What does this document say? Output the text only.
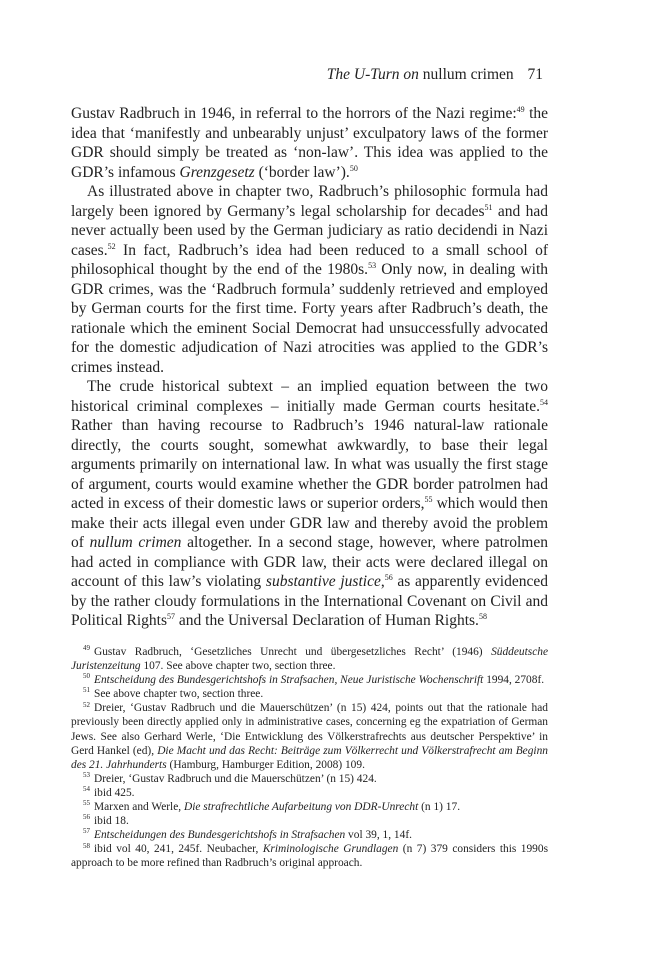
The U-Turn on nullum crimen 71

Gustav Radbruch in 1946, in referral to the horrors of the Nazi regime:$^{49}$ the idea that ‘manifestly and unbearably unjust’ exculpatory laws of the former GDR should simply be treated as ‘non-law’. This idea was applied to the GDR’s infamous Grenzgesetz (‘border law’).$^{50}$

As illustrated above in chapter two, Radbruch’s philosophic formula had largely been ignored by Germany’s legal scholarship for decades$^{51}$ and had never actually been used by the German judiciary as ratio decidendi in Nazi cases.$^{52}$ In fact, Radbruch’s idea had been reduced to a small school of philosophical thought by the end of the 1980s.$^{53}$ Only now, in dealing with GDR crimes, was the ‘Radbruch formula’ suddenly retrieved and employed by German courts for the first time. Forty years after Radbruch’s death, the rationale which the eminent Social Democrat had unsuccessfully advocated for the domestic adjudication of Nazi atrocities was applied to the GDR’s crimes instead.

The crude historical subtext – an implied equation between the two historical criminal complexes – initially made German courts hesitate.$^{54}$ Rather than having recourse to Radbruch’s 1946 natural-law rationale directly, the courts sought, somewhat awkwardly, to base their legal arguments primarily on international law. In what was usually the first stage of argument, courts would examine whether the GDR border patrolmen had acted in excess of their domestic laws or superior orders,$^{55}$ which would then make their acts illegal even under GDR law and thereby avoid the problem of nullum crimen altogether. In a second stage, however, where patrolmen had acted in compliance with GDR law, their acts were declared illegal on account of this law’s violating substantive justice,$^{56}$ as apparently evidenced by the rather cloudy formulations in the International Covenant on Civil and Political Rights$^{57}$ and the Universal Declaration of Human Rights.$^{58}$

$^{49}$ Gustav Radbruch, ‘Gesetzliches Unrecht und übergesetzliches Recht’ (1946) Süddeutsche Juristenzeitung 107. See above chapter two, section three.

$^{50}$ Entscheidung des Bundesgerichtshofs in Strafsachen, Neue Juristische Wochenschrift 1994, 2708f.

$^{51}$ See above chapter two, section three.

$^{52}$ Dreier, ‘Gustav Radbruch und die Mauerschützen’ (n 15) 424, points out that the rationale had previously been directly applied only in administrative cases, concerning eg the expatriation of German Jews. See also Gerhard Werle, ‘Die Entwicklung des Völkerstrafrechts aus deutscher Perspektive’ in Gerd Hankel (ed), Die Macht und das Recht: Beiträge zum Völkerrecht und Völkerstrafrecht am Beginn des 21. Jahrhunderts (Hamburg, Hamburger Edition, 2008) 109.

$^{53}$ Dreier, ‘Gustav Radbruch und die Mauerschützen’ (n 15) 424.

$^{54}$ ibid 425.

$^{55}$ Marxen and Werle, Die strafrechtliche Aufarbeitung von DDR-Unrecht (n 1) 17.

$^{56}$ ibid 18.

$^{57}$ Entscheidungen des Bundesgerichtshofs in Strafsachen vol 39, 1, 14f.

$^{58}$ ibid vol 40, 241, 245f. Neubacher, Kriminologische Grundlagen (n 7) 379 considers this 1990s approach to be more refined than Radbruch’s original approach.
